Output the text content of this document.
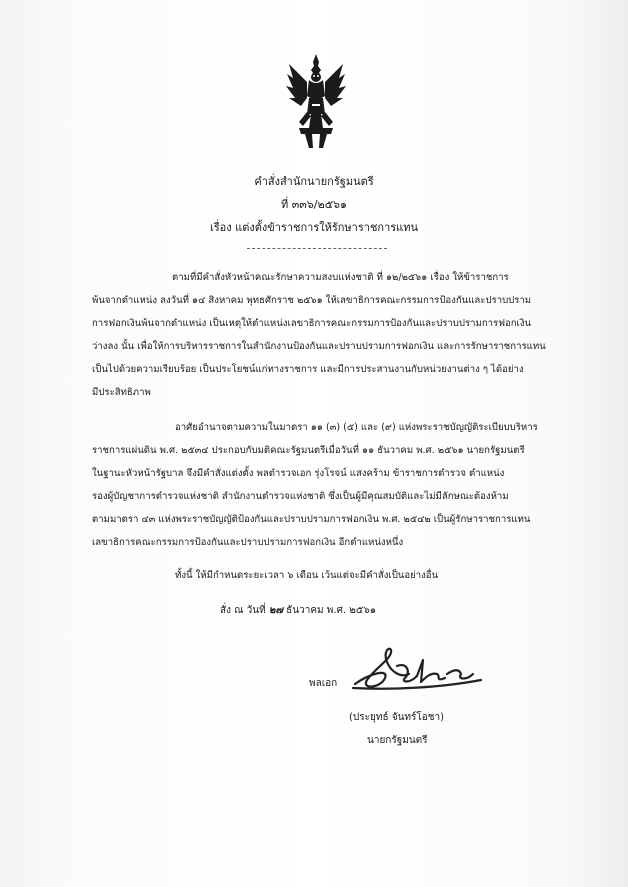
คำสั่งสำนักนายกรัฐมนตรี
ที่ ๓๓๖/๒๕๖๑
เรื่อง แต่งตั้งข้าราชการให้รักษาราชการแทน
ตามที่มีคำสั่งหัวหน้าคณะรักษาความสงบแห่งชาติ ที่ ๑๒/๒๕๖๑ เรื่อง ให้ข้าราชการ
พ้นจากตำแหน่ง ลงวันที่ ๑๔ สิงหาคม พุทธศักราช ๒๕๖๑ ให้เลขาธิการคณะกรรมการป้องกันและปราบปราม
การฟอกเงินพ้นจากตำแหน่ง เป็นเหตุให้ตำแหน่งเลขาธิการคณะกรรมการป้องกันและปราบปรามการฟอกเงิน
ว่างลง นั้น เพื่อให้การบริหารราชการในสำนักงานป้องกันและปราบปรามการฟอกเงิน และการรักษาราชการแทน
เป็นไปด้วยความเรียบร้อย เป็นประโยชน์แก่ทางราชการ และมีการประสานงานกับหน่วยงานต่าง ๆ ได้อย่าง
มีประสิทธิภาพ
อาศัยอำนาจตามความในมาตรา ๑๑ (๓) (๕) และ (๙) แห่งพระราชบัญญัติระเบียบบริหาร
ราชการแผ่นดิน พ.ศ. ๒๕๓๔ ประกอบกับมติคณะรัฐมนตรีเมื่อวันที่ ๑๑ ธันวาคม พ.ศ. ๒๕๖๑ นายกรัฐมนตรี
ในฐานะหัวหน้ารัฐบาล จึงมีคำสั่งแต่งตั้ง พลตำรวจเอก รุ่งโรจน์ แสงคร้าม ข้าราชการตำรวจ ตำแหน่ง
รองผู้บัญชาการตำรวจแห่งชาติ สำนักงานตำรวจแห่งชาติ ซึ่งเป็นผู้มีคุณสมบัติและไม่มีลักษณะต้องห้าม
ตามมาตรา ๔๓ แห่งพระราชบัญญัติป้องกันและปราบปรามการฟอกเงิน พ.ศ. ๒๕๔๒ เป็นผู้รักษาราชการแทน
เลขาธิการคณะกรรมการป้องกันและปราบปรามการฟอกเงิน อีกตำแหน่งหนึ่ง
ทั้งนี้ ให้มีกำหนดระยะเวลา ๖ เดือน เว้นแต่จะมีคำสั่งเป็นอย่างอื่น
สั่ง ณ วันที่ ๒๗ ธันวาคม พ.ศ. ๒๕๖๑
พลเอก
(ประยุทธ์ จันทร์โอชา)
นายกรัฐมนตรี
